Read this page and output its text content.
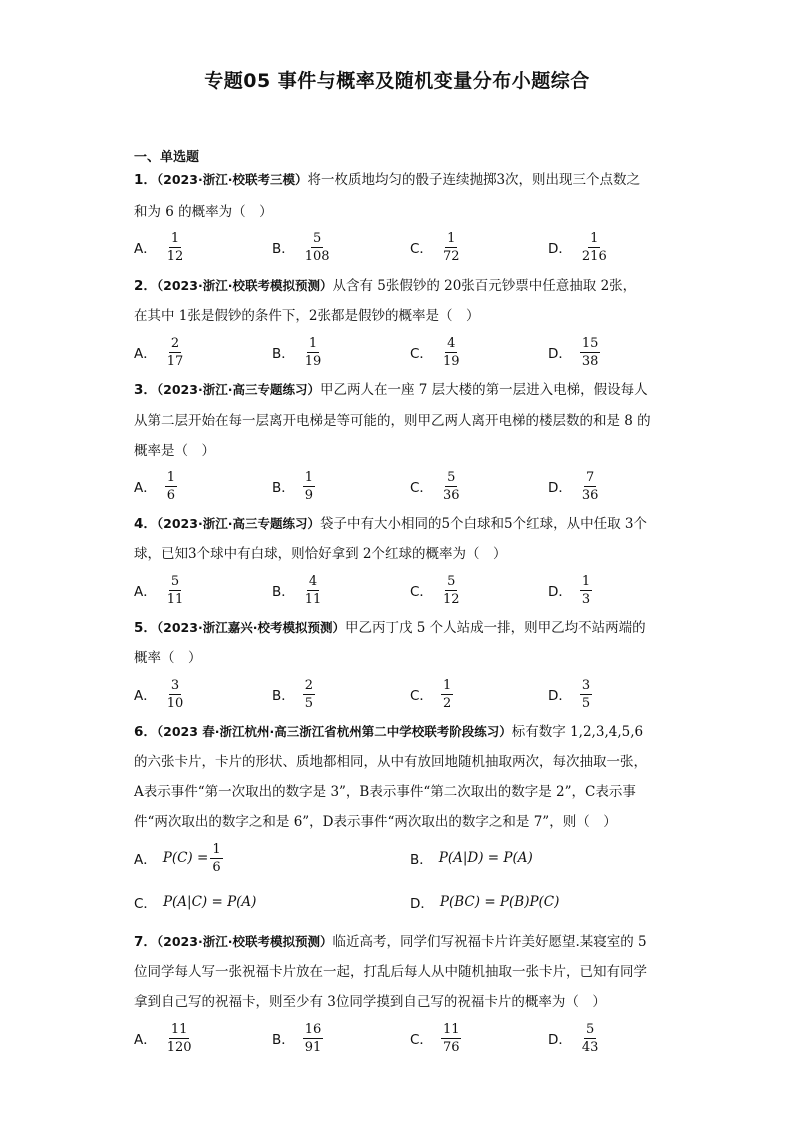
专题05 事件与概率及随机变量分布小题综合
一、单选题
1．（2023·浙江·校联考三模）将一枚质地均匀的骰子连续抛掷3次，则出现三个点数之
和为 6 的概率为（　）
A． $\frac{1}{12}$	B． $\frac{5}{108}$	C． $\frac{1}{72}$	D． $\frac{1}{216}$
2．（2023·浙江·校联考模拟预测）从含有 5张假钞的 20张百元钞票中任意抽取 2张，
在其中 1张是假钞的条件下，2张都是假钞的概率是（　）
A． $\frac{2}{17}$	B． $\frac{1}{19}$	C． $\frac{4}{19}$	D． $\frac{15}{38}$
3．（2023·浙江·高三专题练习）甲乙两人在一座 7 层大楼的第一层进入电梯，假设每人
从第二层开始在每一层离开电梯是等可能的，则甲乙两人离开电梯的楼层数的和是 8 的
概率是（　）
A． $\frac{1}{6}$	B． $\frac{1}{9}$	C． $\frac{5}{36}$	D． $\frac{7}{36}$
4．（2023·浙江·高三专题练习）袋子中有大小相同的5个白球和5个红球，从中任取 3个
球，已知3个球中有白球，则恰好拿到 2个红球的概率为（　）
A． $\frac{5}{11}$	B． $\frac{4}{11}$	C． $\frac{5}{12}$	D． $\frac{1}{3}$
5．（2023·浙江嘉兴·校考模拟预测）甲乙丙丁戊 5 个人站成一排，则甲乙均不站两端的
概率（　）
A． $\frac{3}{10}$	B． $\frac{2}{5}$	C． $\frac{1}{2}$	D． $\frac{3}{5}$
6．（2023 春·浙江杭州·高三浙江省杭州第二中学校联考阶段练习）标有数字 1,2,3,4,5,6
的六张卡片，卡片的形状、质地都相同，从中有放回地随机抽取两次，每次抽取一张，
A表示事件“第一次取出的数字是 3”，B表示事件“第二次取出的数字是 2”，C表示事
件“两次取出的数字之和是 6”，D表示事件“两次取出的数字之和是 7”，则（　）
A． $P(C) = \frac{1}{6}$	B． P(A|D) = P(A)
C． P(A|C) = P(A)	D． P(BC) = P(B)P(C)
7．（2023·浙江·校联考模拟预测）临近高考，同学们写祝福卡片许美好愿望.某寝室的 5
位同学每人写一张祝福卡片放在一起，打乱后每人从中随机抽取一张卡片，已知有同学
拿到自己写的祝福卡，则至少有 3位同学摸到自己写的祝福卡片的概率为（　）
A． $\frac{11}{120}$	B． $\frac{16}{91}$	C． $\frac{11}{76}$	D． $\frac{5}{43}$
